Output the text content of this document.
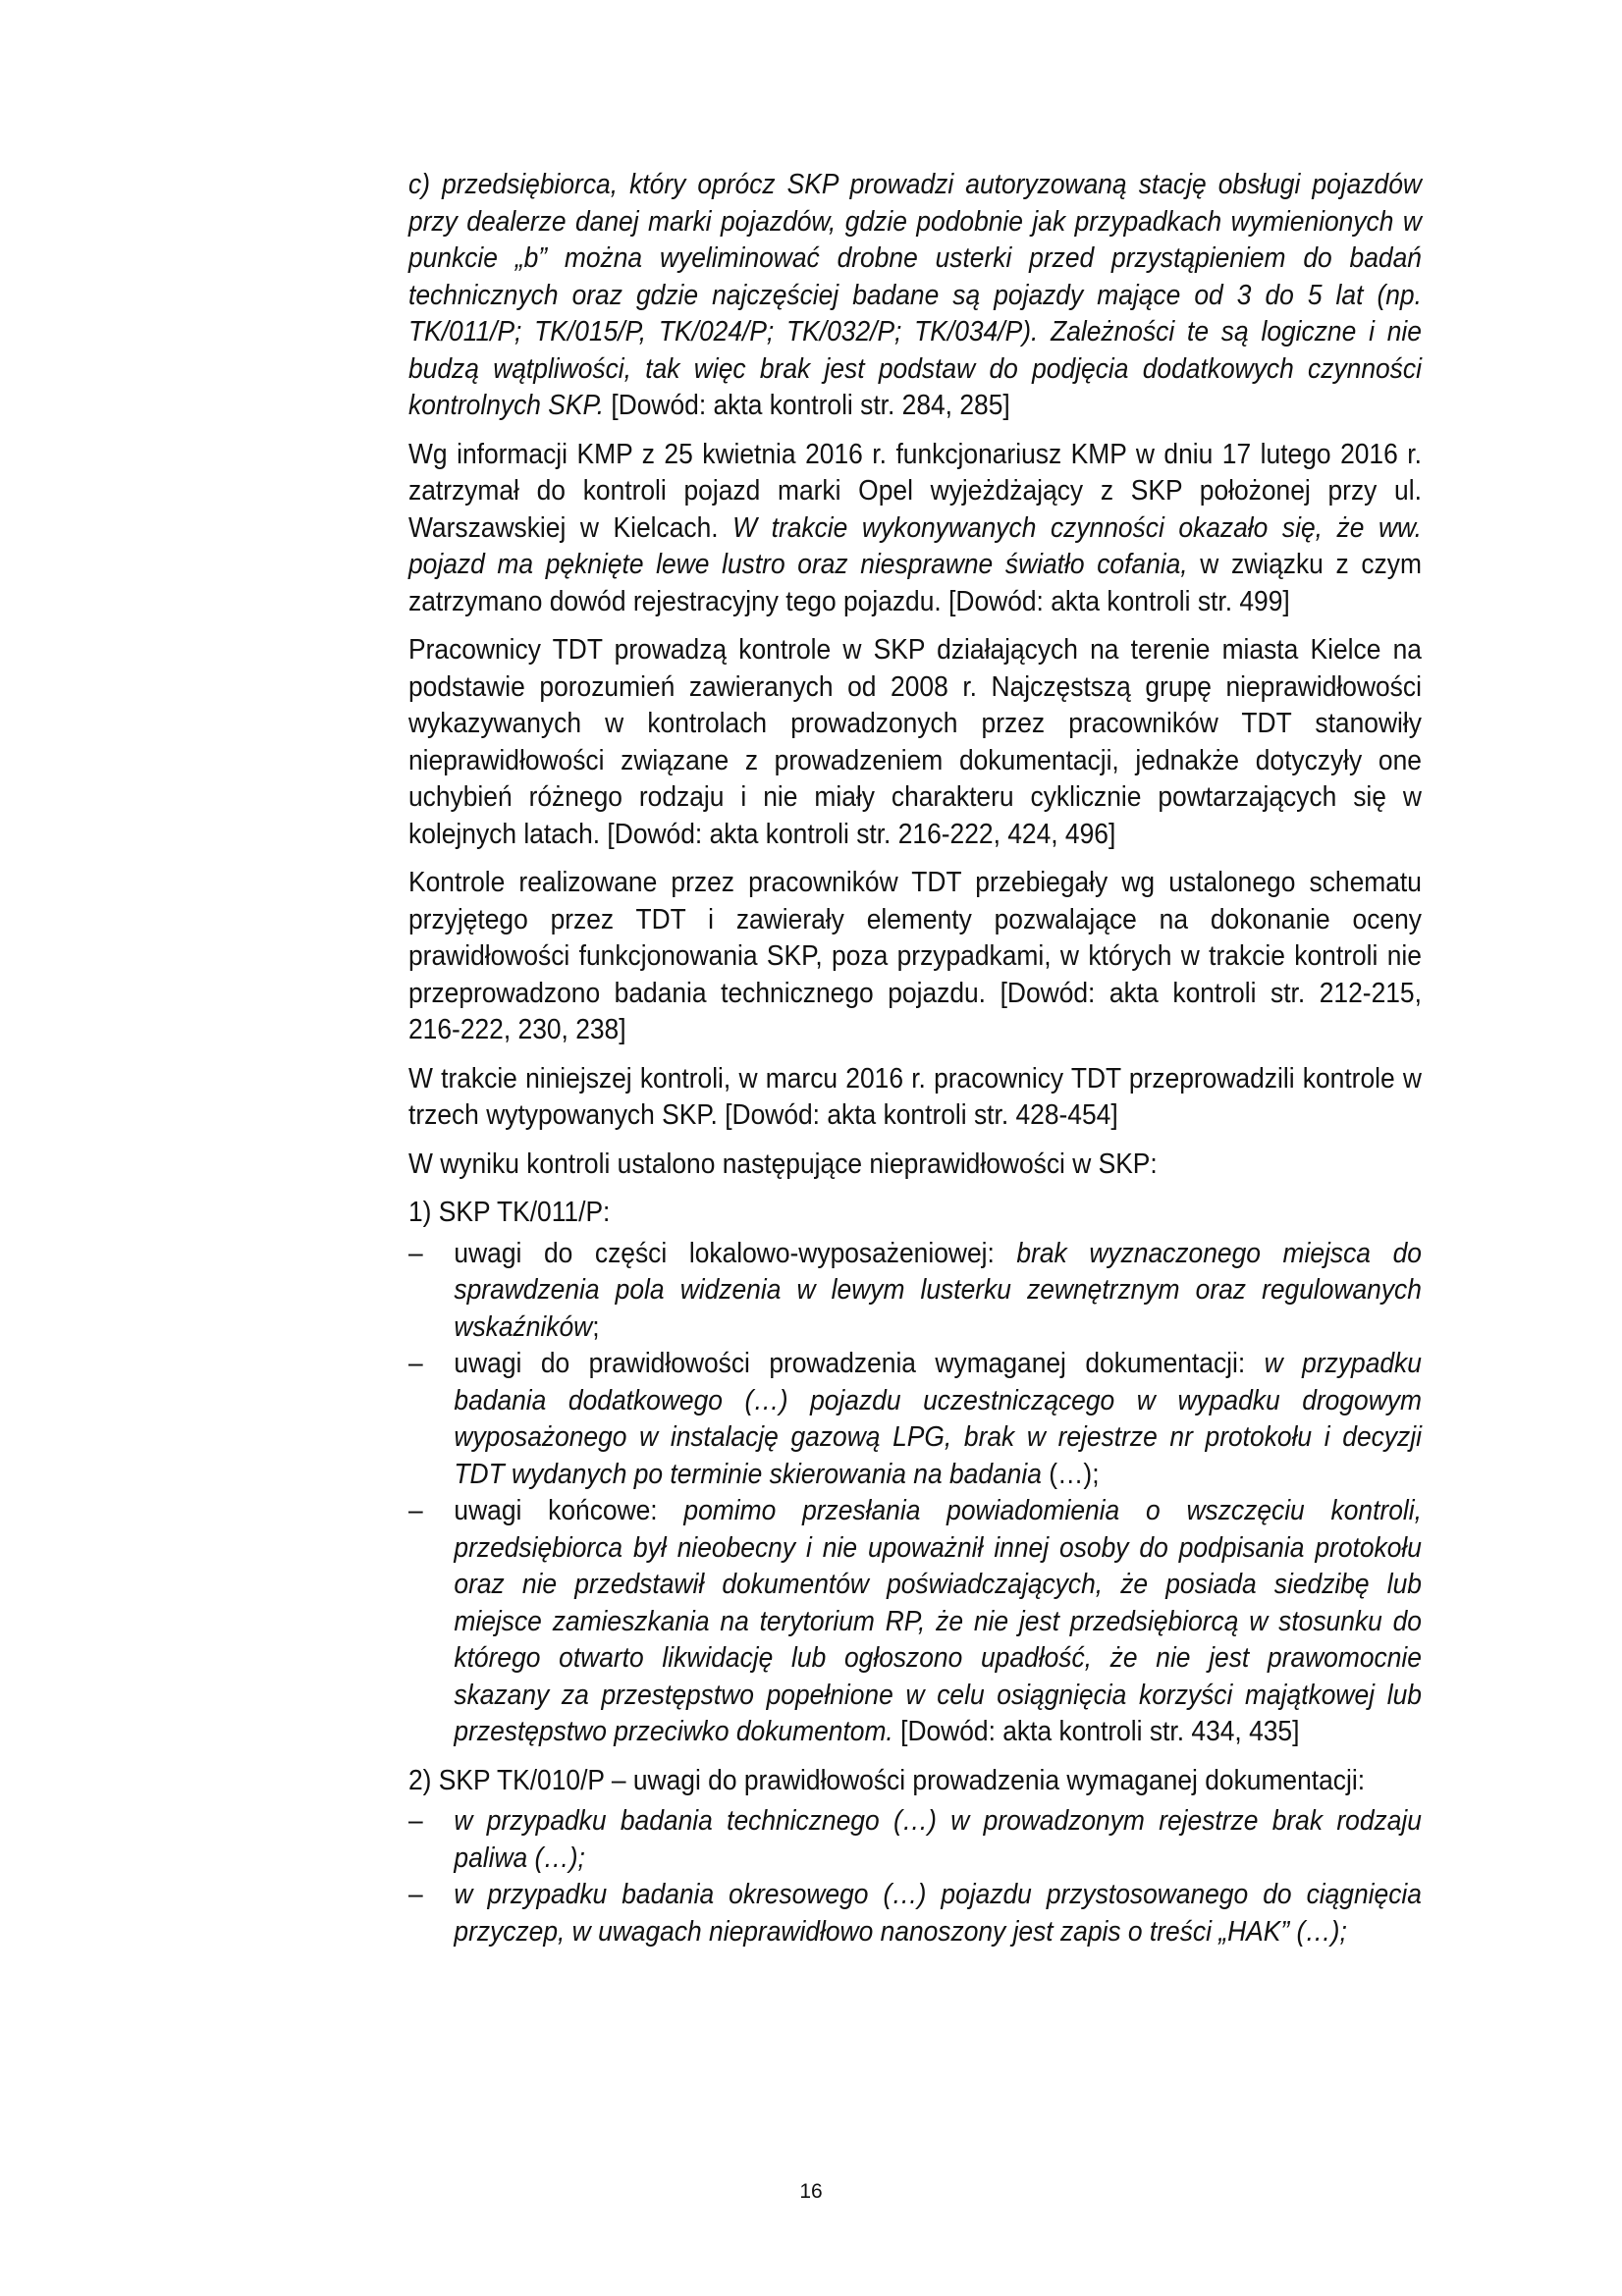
c) przedsiębiorca, który oprócz SKP prowadzi autoryzowaną stację obsługi pojazdów przy dealerze danej marki pojazdów, gdzie podobnie jak przypadkach wymienionych w punkcie „b” można wyeliminować drobne usterki przed przystąpieniem do badań technicznych oraz gdzie najczęściej badane są pojazdy mające od 3 do 5 lat (np. TK/011/P; TK/015/P, TK/024/P; TK/032/P; TK/034/P). Zależności te są logiczne i nie budzą wątpliwości, tak więc brak jest podstaw do podjęcia dodatkowych czynności kontrolnych SKP. [Dowód: akta kontroli str. 284, 285]

Wg informacji KMP z 25 kwietnia 2016 r. funkcjonariusz KMP w dniu 17 lutego 2016 r. zatrzymał do kontroli pojazd marki Opel wyjeżdżający z SKP położonej przy ul. Warszawskiej w Kielcach. W trakcie wykonywanych czynności okazało się, że ww. pojazd ma pęknięte lewe lustro oraz niesprawne światło cofania, w związku z czym zatrzymano dowód rejestracyjny tego pojazdu. [Dowód: akta kontroli str. 499]

Pracownicy TDT prowadzą kontrole w SKP działających na terenie miasta Kielce na podstawie porozumień zawieranych od 2008 r. Najczęstszą grupę nieprawidłowości wykazywanych w kontrolach prowadzonych przez pracowników TDT stanowiły nieprawidłowości związane z prowadzeniem dokumentacji, jednakże dotyczyły one uchybień różnego rodzaju i nie miały charakteru cyklicznie powtarzających się w kolejnych latach. [Dowód: akta kontroli str. 216-222, 424, 496]

Kontrole realizowane przez pracowników TDT przebiegały wg ustalonego schematu przyjętego przez TDT i zawierały elementy pozwalające na dokonanie oceny prawidłowości funkcjonowania SKP, poza przypadkami, w których w trakcie kontroli nie przeprowadzono badania technicznego pojazdu. [Dowód: akta kontroli str. 212-215, 216-222, 230, 238]

W trakcie niniejszej kontroli, w marcu 2016 r. pracownicy TDT przeprowadzili kontrole w trzech wytypowanych SKP. [Dowód: akta kontroli str. 428-454]

W wyniku kontroli ustalono następujące nieprawidłowości w SKP:

1) SKP TK/011/P:

– uwagi do części lokalowo-wyposażeniowej: brak wyznaczonego miejsca do sprawdzenia pola widzenia w lewym lusterku zewnętrznym oraz regulowanych wskaźników;
– uwagi do prawidłowości prowadzenia wymaganej dokumentacji: w przypadku badania dodatkowego (…) pojazdu uczestniczącego w wypadku drogowym wyposażonego w instalację gazową LPG, brak w rejestrze nr protokołu i decyzji TDT wydanych po terminie skierowania na badania (…);
– uwagi końcowe: pomimo przesłania powiadomienia o wszczęciu kontroli, przedsiębiorca był nieobecny i nie upoważnił innej osoby do podpisania protokołu oraz nie przedstawił dokumentów poświadczających, że posiada siedzibę lub miejsce zamieszkania na terytorium RP, że nie jest przedsiębiorcą w stosunku do którego otwarto likwidację lub ogłoszono upadłość, że nie jest prawomocnie skazany za przestępstwo popełnione w celu osiągnięcia korzyści majątkowej lub przestępstwo przeciwko dokumentom. [Dowód: akta kontroli str. 434, 435]

2) SKP TK/010/P – uwagi do prawidłowości prowadzenia wymaganej dokumentacji:

– w przypadku badania technicznego (…) w prowadzonym rejestrze brak rodzaju paliwa (…);
– w przypadku badania okresowego (…) pojazdu przystosowanego do ciągnięcia przyczep, w uwagach nieprawidłowo nanoszony jest zapis o treści „HAK” (…);
16
